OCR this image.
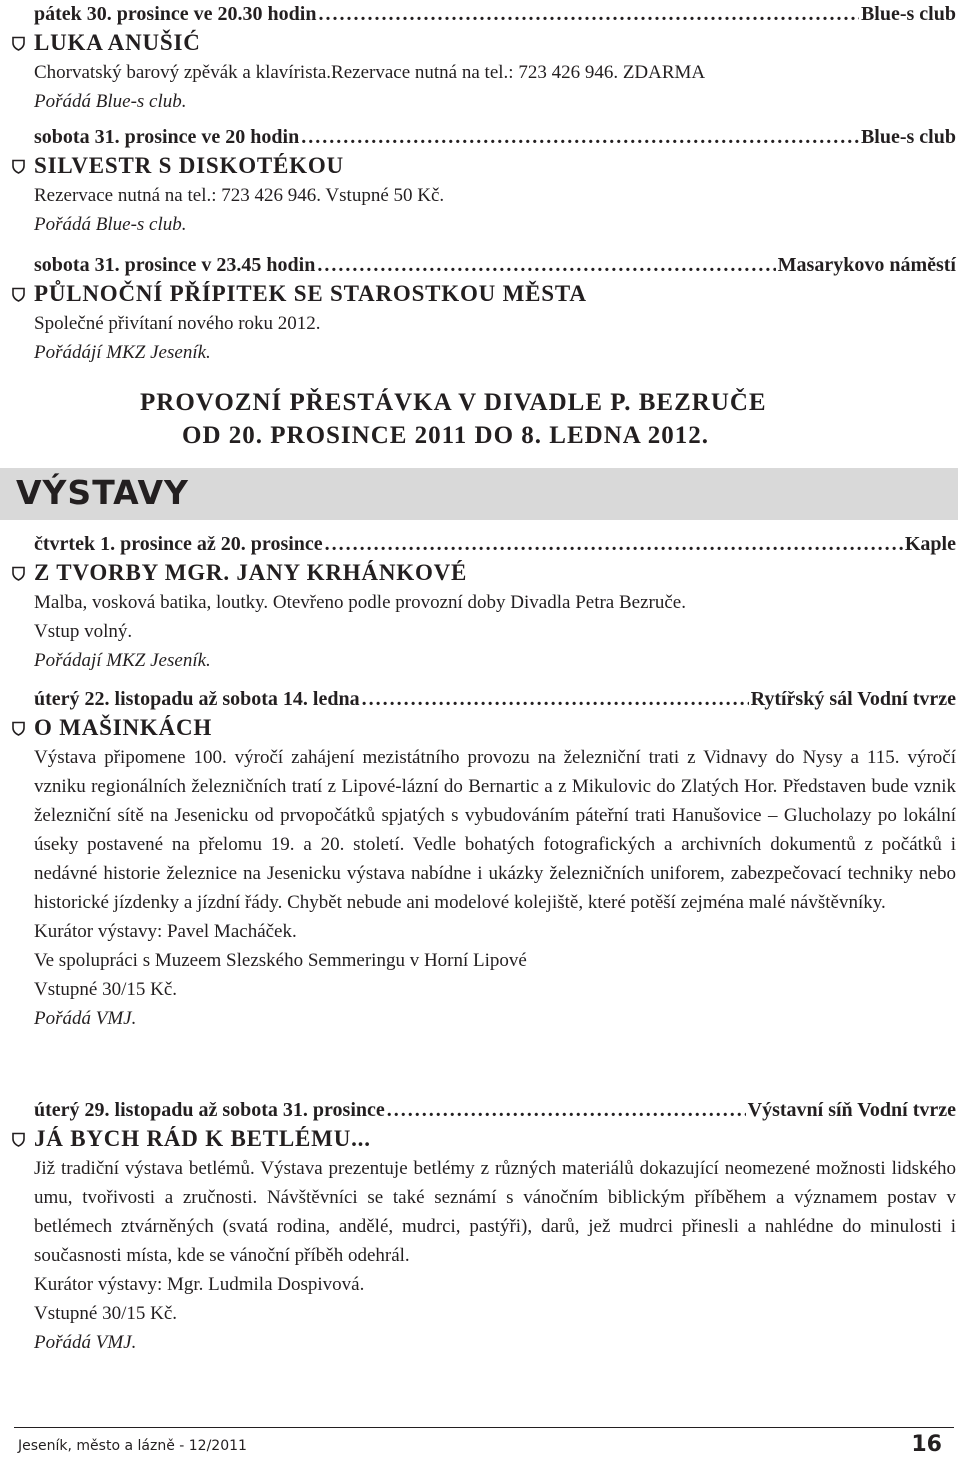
pátek 30. prosince ve 20.30 hodin .....	Blue-s club
LUKA ANUŠIĆ

Chorvatský barový zpěvák a klavírista.Rezervace nutná na tel.: 723 426 946. ZDARMA

Pořádá Blue-s club.

sobota 31. prosince ve 20 hodin .....	Blue-s club
SILVESTR S DISKOTÉKOU

Rezervace nutná na tel.: 723 426 946. Vstupné 50 Kč.

Pořádá Blue-s club.

sobota 31. prosince v 23.45 hodin .....	Masarykovo náměstí
PŮLNOČNÍ PŘÍPITEK SE STAROSTKOU MĚSTA

Společné přivítaní nového roku 2012.

Pořádájí MKZ Jeseník.

PROVOZNÍ PŘESTÁVKA V DIVADLE P. BEZRUČE
OD 20. PROSINCE 2011 DO 8. LEDNA 2012.
VÝSTAVY
čtvrtek 1. prosince až 20. prosince .....	Kaple
Z TVORBY MGR. JANY KRHÁNKOVÉ

Malba, vosková batika, loutky. Otevřeno podle provozní doby Divadla Petra Bezruče.

Vstup volný.

Pořádají MKZ Jeseník.

úterý 22. listopadu až sobota 14. ledna .....	Rytířský sál Vodní tvrze
O MAŠINKÁCH

Výstava připomene 100. výročí zahájení mezistátního provozu na železniční trati z Vidnavy do Nysy a 115. výročí vzniku regionálních železničních tratí z Lipové-lázní do Bernartic a z Mikulovic do Zlatých Hor. Představen bude vznik železniční sítě na Jesenicku od prvopočátků spjatých s vybudováním páteřní trati Hanušovice – Glucholazy po lokální úseky postavené na přelomu 19. a 20. století. Vedle bohatých fotografických a archivních dokumentů z počátků i nedávné historie železnice na Jesenicku výstava nabídne i ukázky železničních uniforem, zabezpečovací techniky nebo historické jízdenky a jízdní řády. Chybět nebude ani modelové kolejiště, které potěší zejména malé návštěvníky.

Kurátor výstavy: Pavel Macháček.

Ve spolupráci s Muzeem Slezského Semmeringu v Horní Lipové

Vstupné 30/15 Kč.

Pořádá VMJ.

úterý 29. listopadu až sobota 31. prosince .....	Výstavní síň Vodní tvrze
JÁ BYCH RÁD K BETLÉMU...

Již tradiční výstava betlémů. Výstava prezentuje betlémy z různých materiálů dokazující neomezené možnosti lidského umu, tvořivosti a zručnosti. Návštěvníci se také seznámí s vánočním biblickým příběhem a významem postav v betlémech ztvárněných (svatá rodina, andělé, mudrci, pastýři), darů, jež mudrci přinesli a nahlédne do minulosti i současnosti místa, kde se vánoční příběh odehrál.

Kurátor výstavy: Mgr. Ludmila Dospivová.

Vstupné 30/15 Kč.

Pořádá VMJ.

Jeseník, město a lázně - 12/2011	16
